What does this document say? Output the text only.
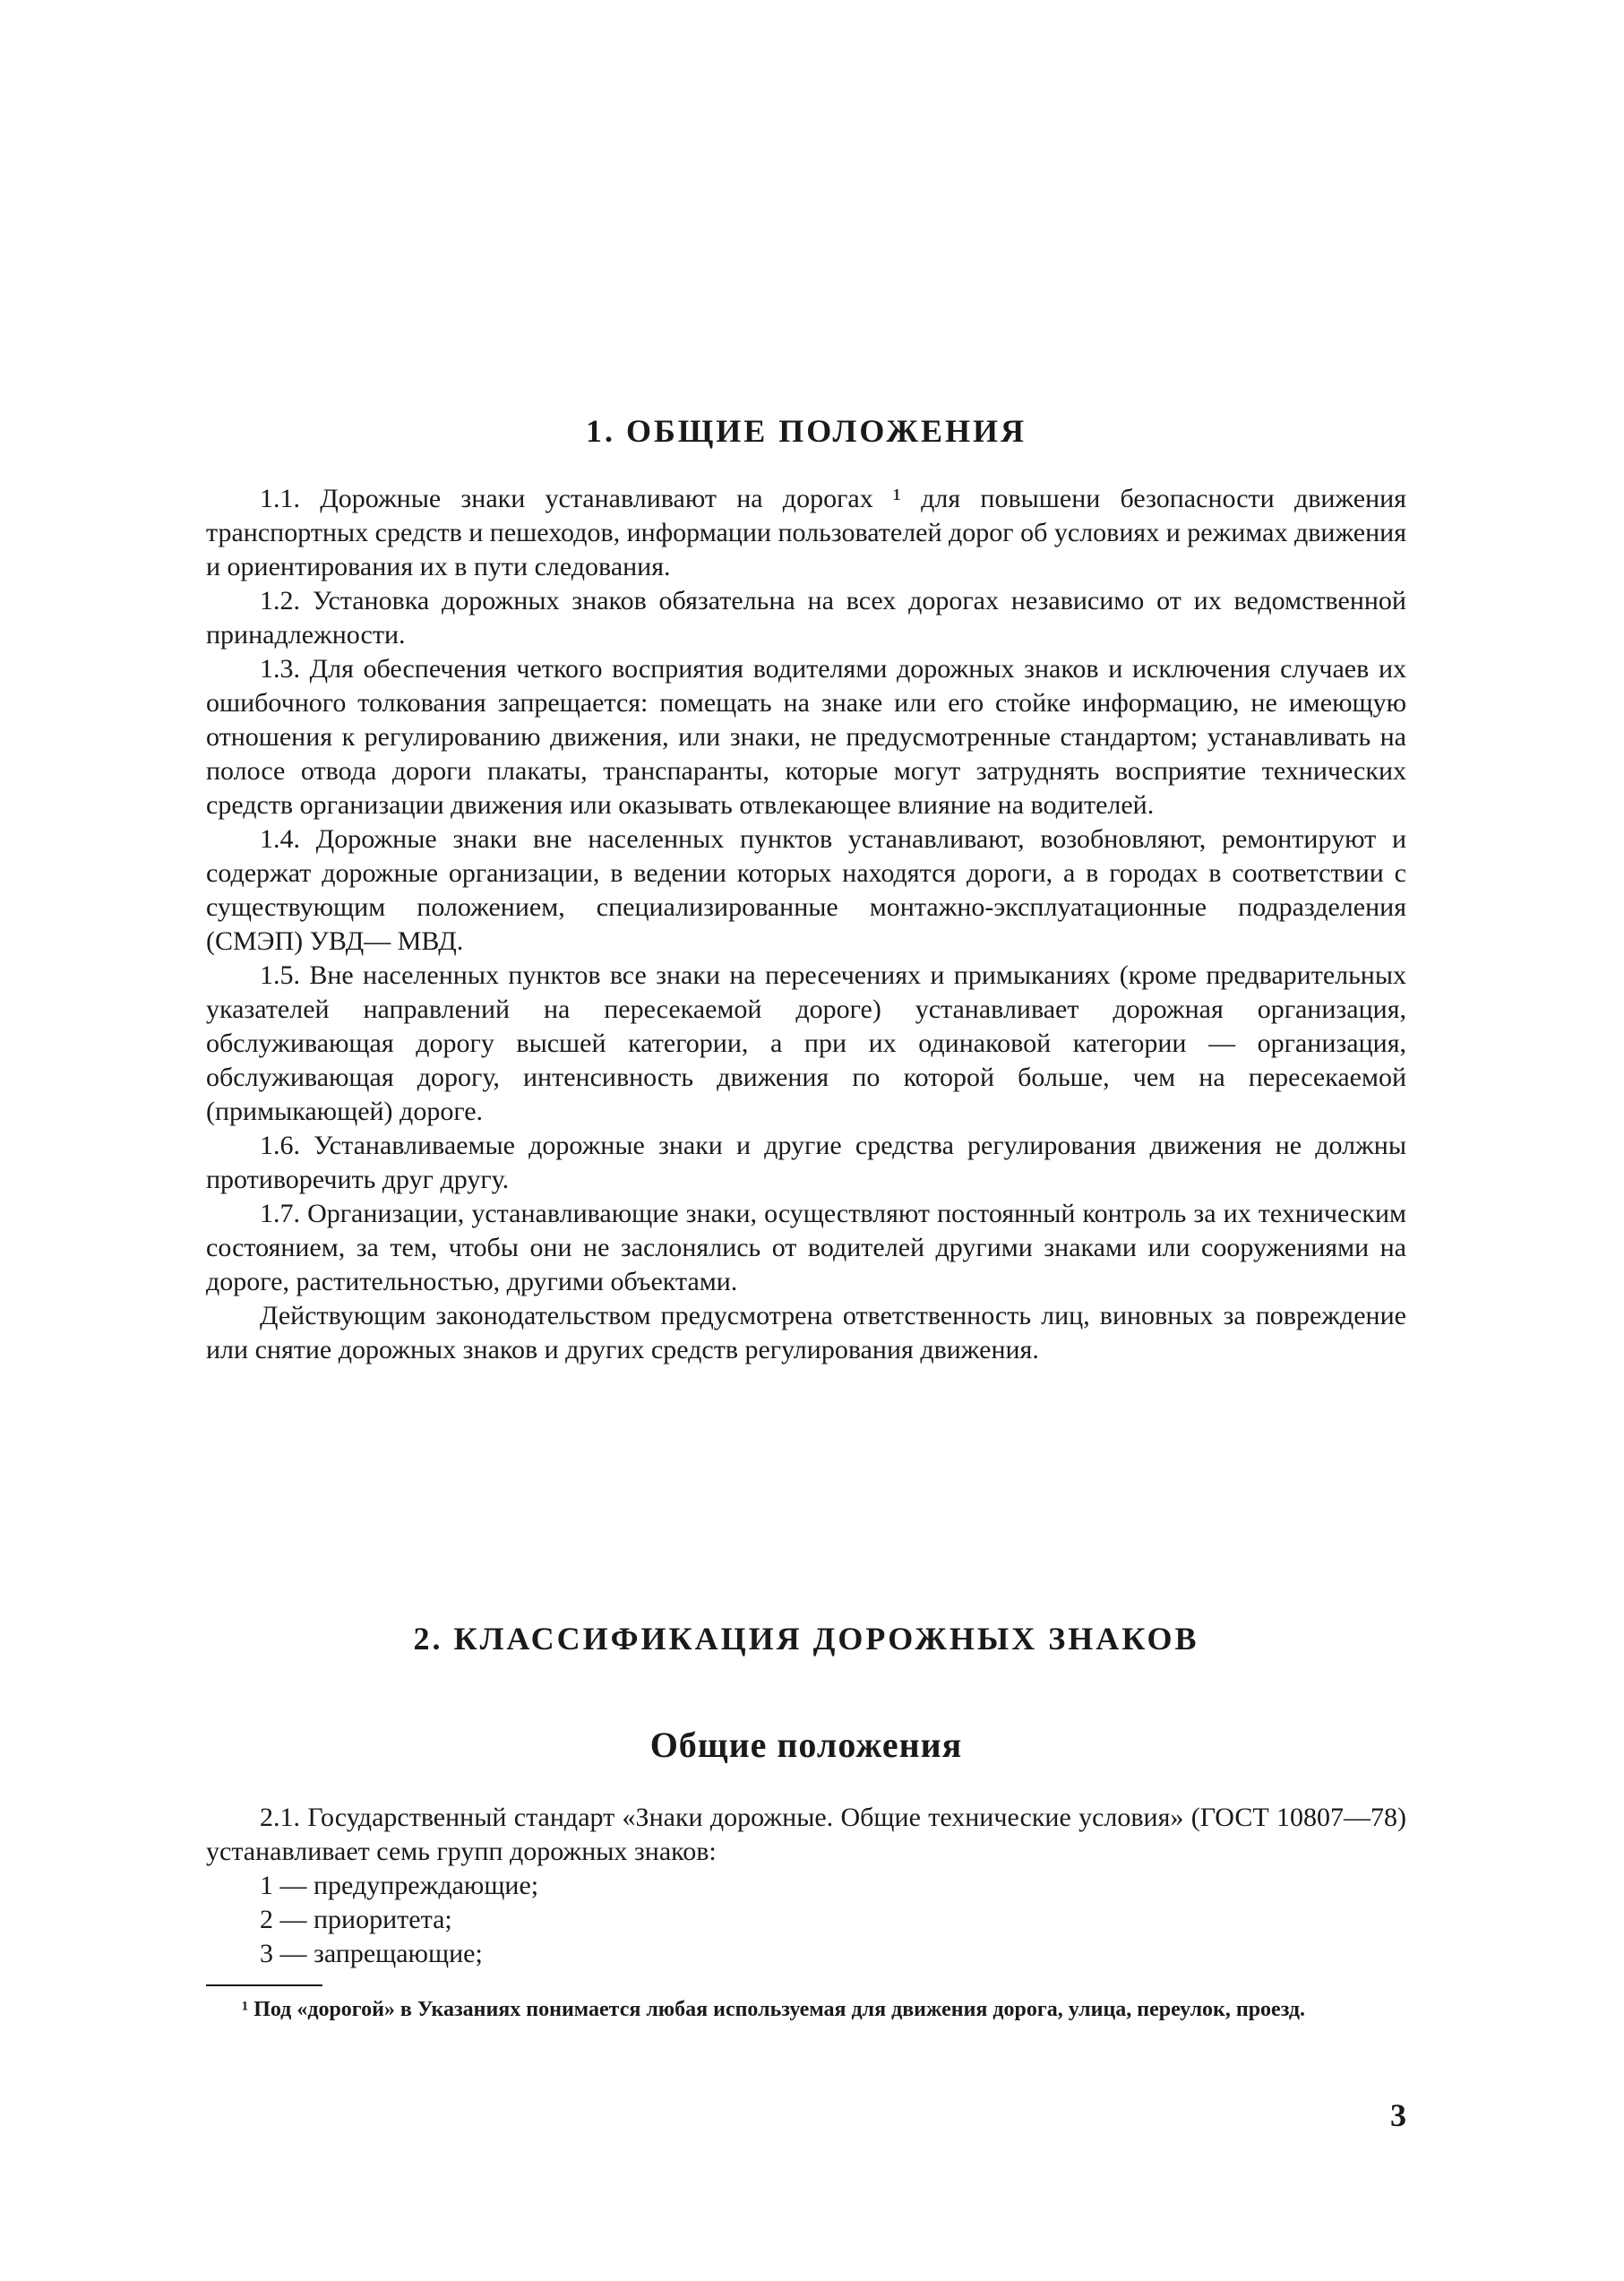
1. ОБЩИЕ ПОЛОЖЕНИЯ

1.1. Дорожные знаки устанавливают на дорогах ¹ для повышени безопасности движения транспортных средств и пешеходов, информации пользователей дорог об условиях и режимах движения и ориентирования их в пути следования.

1.2. Установка дорожных знаков обязательна на всех дорогах независимо от их ведомственной принадлежности.

1.3. Для обеспечения четкого восприятия водителями дорожных знаков и исключения случаев их ошибочного толкования запрещается: помещать на знаке или его стойке информацию, не имеющую отношения к регулированию движения, или знаки, не предусмотренные стандартом; устанавливать на полосе отвода дороги плакаты, транспаранты, которые могут затруднять восприятие технических средств организации движения или оказывать отвлекающее влияние на водителей.

1.4. Дорожные знаки вне населенных пунктов устанавливают, возобновляют, ремонтируют и содержат дорожные организации, в ведении которых находятся дороги, а в городах в соответствии с существующим положением, специализированные монтажно-эксплуатационные подразделения (СМЭП) УВД— МВД.

1.5. Вне населенных пунктов все знаки на пересечениях и примыканиях (кроме предварительных указателей направлений на пересекаемой дороге) устанавливает дорожная организация, обслуживающая дорогу высшей категории, а при их одинаковой категории — организация, обслуживающая дорогу, интенсивность движения по которой больше, чем на пересекаемой (примыкающей) дороге.

1.6. Устанавливаемые дорожные знаки и другие средства регулирования движения не должны противоречить друг другу.

1.7. Организации, устанавливающие знаки, осуществляют постоянный контроль за их техническим состоянием, за тем, чтобы они не заслонялись от водителей другими знаками или сооружениями на дороге, растительностью, другими объектами.

Действующим законодательством предусмотрена ответственность лиц, виновных за повреждение или снятие дорожных знаков и других средств регулирования движения.

2. КЛАССИФИКАЦИЯ ДОРОЖНЫХ ЗНАКОВ
Общие положения

2.1. Государственный стандарт «Знаки дорожные. Общие технические условия» (ГОСТ 10807—78) устанавливает семь групп дорожных знаков:

1 — предупреждающие;
2 — приоритета;
3 — запрещающие;
¹ Под «дорогой» в Указаниях понимается любая используемая для движения дорога, улица, переулок, проезд.
3
